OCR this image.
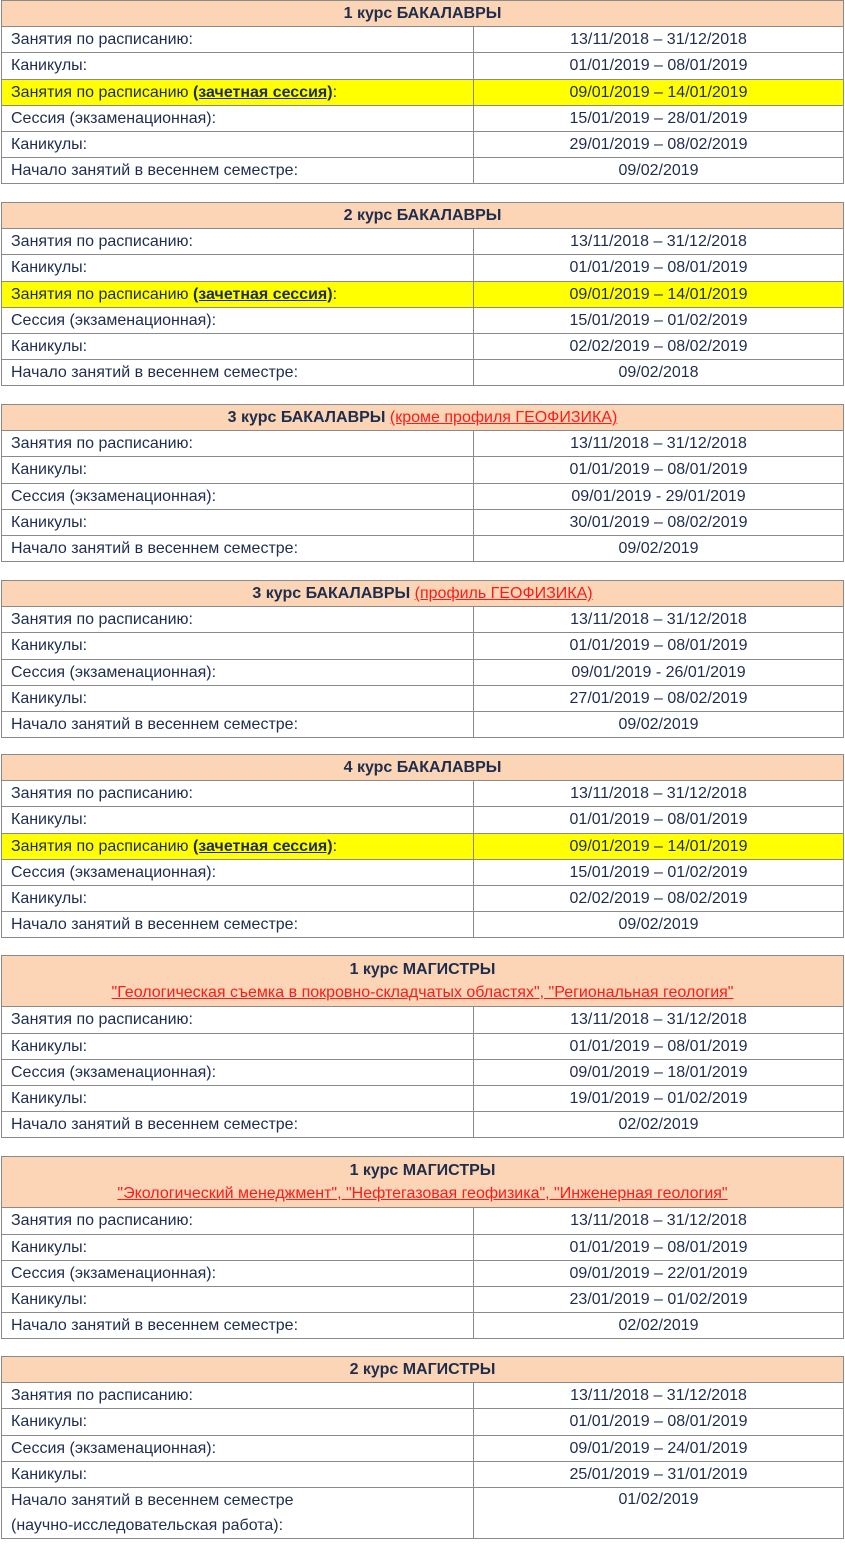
1 курс БАКАЛАВРЫ	
Занятия по расписанию:	13/11/2018 – 31/12/2018
Каникулы:	01/01/2019 – 08/01/2019
Занятия по расписанию (зачетная сессия):	09/01/2019 – 14/01/2019
Сессия (экзаменационная):	15/01/2019 – 28/01/2019
Каникулы:	29/01/2019 – 08/02/2019
Начало занятий в весеннем семестре:	09/02/2019
2 курс БАКАЛАВРЫ	
Занятия по расписанию:	13/11/2018 – 31/12/2018
Каникулы:	01/01/2019 – 08/01/2019
Занятия по расписанию (зачетная сессия):	09/01/2019 – 14/01/2019
Сессия (экзаменационная):	15/01/2019 – 01/02/2019
Каникулы:	02/02/2019 – 08/02/2019
Начало занятий в весеннем семестре:	09/02/2018
3 курс БАКАЛАВРЫ (кроме профиля ГЕОФИЗИКА)	
Занятия по расписанию:	13/11/2018 – 31/12/2018
Каникулы:	01/01/2019 – 08/01/2019
Сессия (экзаменационная):	09/01/2019 - 29/01/2019
Каникулы:	30/01/2019 – 08/02/2019
Начало занятий в весеннем семестре:	09/02/2019
3 курс БАКАЛАВРЫ (профиль ГЕОФИЗИКА)	
Занятия по расписанию:	13/11/2018 – 31/12/2018
Каникулы:	01/01/2019 – 08/01/2019
Сессия (экзаменационная):	09/01/2019 - 26/01/2019
Каникулы:	27/01/2019 – 08/02/2019
Начало занятий в весеннем семестре:	09/02/2019
4 курс БАКАЛАВРЫ	
Занятия по расписанию:	13/11/2018 – 31/12/2018
Каникулы:	01/01/2019 – 08/01/2019
Занятия по расписанию (зачетная сессия):	09/01/2019 – 14/01/2019
Сессия (экзаменационная):	15/01/2019 – 01/02/2019
Каникулы:	02/02/2019 – 08/02/2019
Начало занятий в весеннем семестре:	09/02/2019
1 курс МАГИСТРЫ
"Геологическая съемка в покровно-складчатых областях", "Региональная геология"	
Занятия по расписанию:	13/11/2018 – 31/12/2018
Каникулы:	01/01/2019 – 08/01/2019
Сессия (экзаменационная):	09/01/2019 – 18/01/2019
Каникулы:	19/01/2019 – 01/02/2019
Начало занятий в весеннем семестре:	02/02/2019
1 курс МАГИСТРЫ
"Экологический менеджмент", "Нефтегазовая геофизика", "Инженерная геология"	
Занятия по расписанию:	13/11/2018 – 31/12/2018
Каникулы:	01/01/2019 – 08/01/2019
Сессия (экзаменационная):	09/01/2019 – 22/01/2019
Каникулы:	23/01/2019 – 01/02/2019
Начало занятий в весеннем семестре:	02/02/2019
2 курс МАГИСТРЫ	
Занятия по расписанию:	13/11/2018 – 31/12/2018
Каникулы:	01/01/2019 – 08/01/2019
Сессия (экзаменационная):	09/01/2019 – 24/01/2019
Каникулы:	25/01/2019 – 31/01/2019
Начало занятий в весеннем семестре
(научно-исследовательская работа):	01/02/2019
